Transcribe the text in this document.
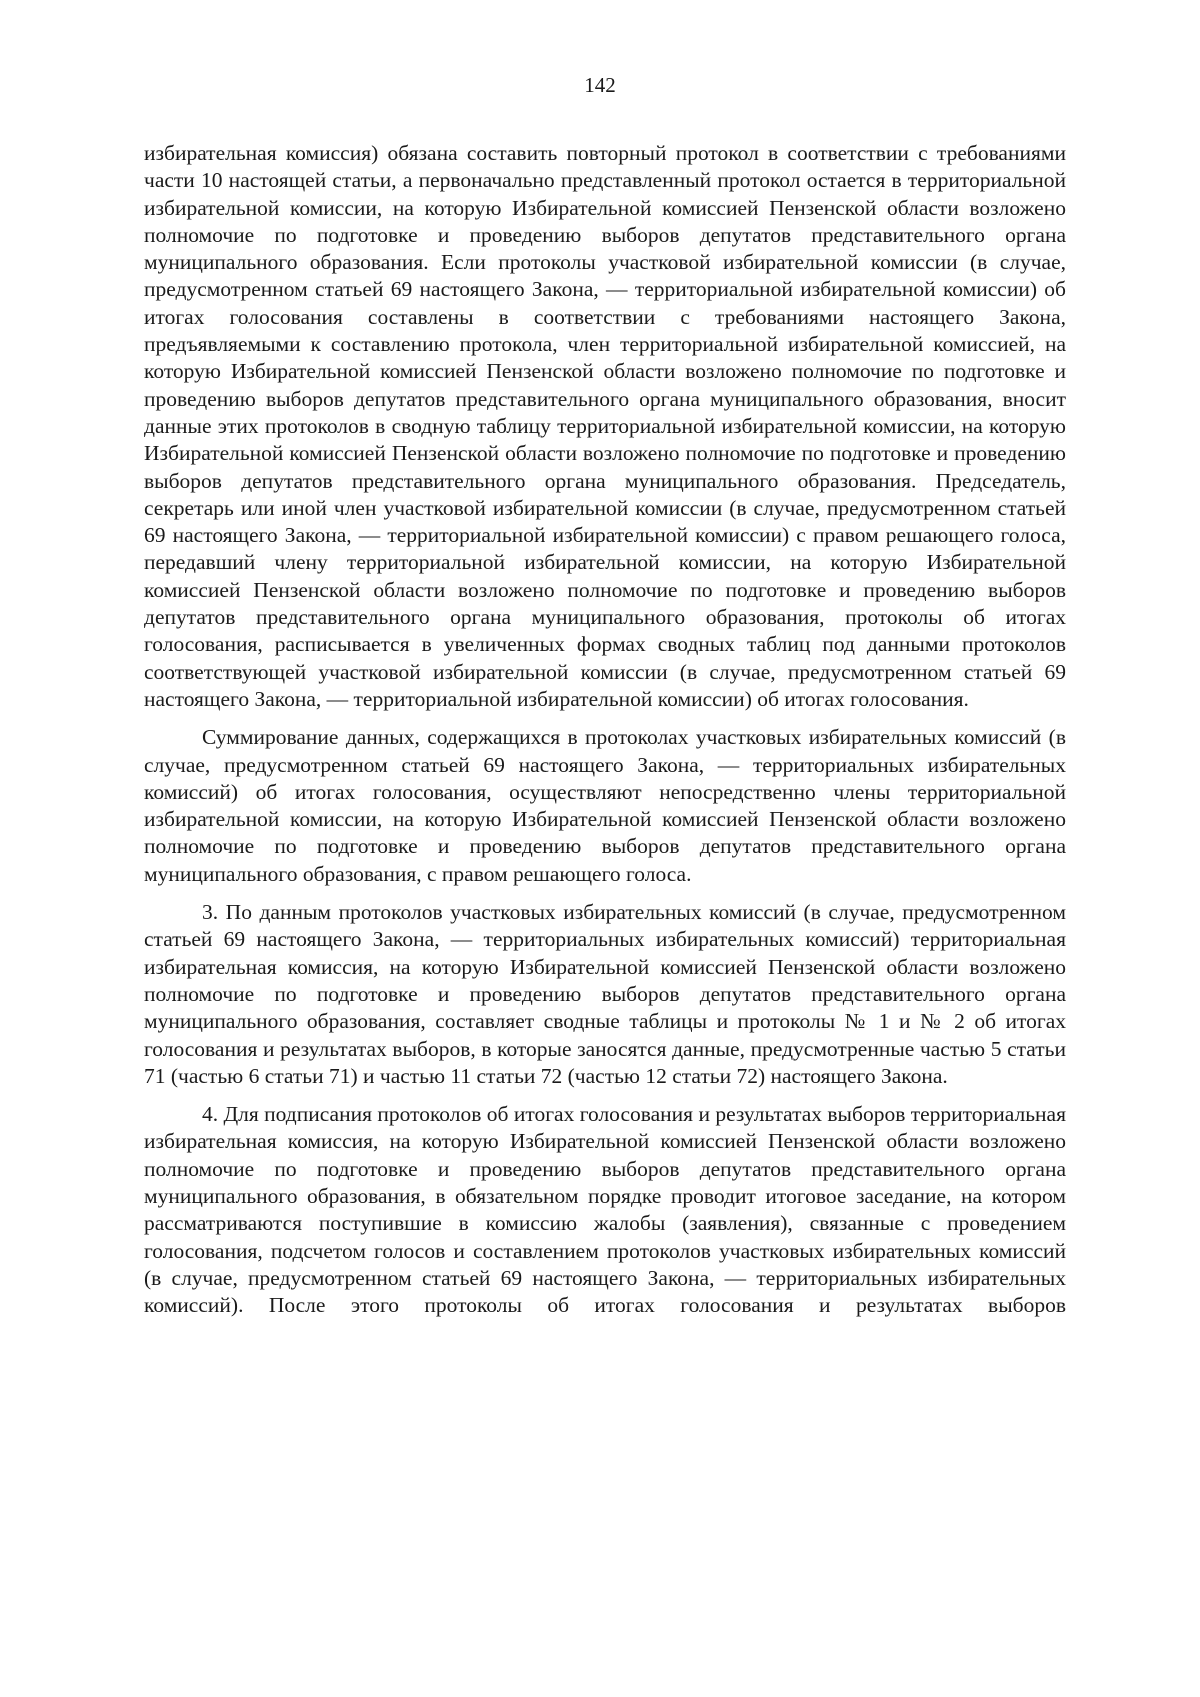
142

избирательная комиссия) обязана составить повторный протокол в соответствии с требованиями части 10 настоящей статьи, а первоначально представленный протокол остается в территориальной избирательной комиссии, на которую Избирательной комиссией Пензенской области возложено полномочие по подготовке и проведению выборов депутатов представительного органа муниципального образования. Если протоколы участковой избирательной комиссии (в случае, предусмотренном статьей 69 настоящего Закона, — территориальной избирательной комиссии) об итогах голосования составлены в соответствии с требованиями настоящего Закона, предъявляемыми к составлению протокола, член территориальной избирательной комиссией, на которую Избирательной комиссией Пензенской области возложено полномочие по подготовке и проведению выборов депутатов представительного органа муниципального образования, вносит данные этих протоколов в сводную таблицу территориальной избирательной комиссии, на которую Избирательной комиссией Пензенской области возложено полномочие по подготовке и проведению выборов депутатов представительного органа муниципального образования. Председатель, секретарь или иной член участковой избирательной комиссии (в случае, предусмотренном статьей 69 настоящего Закона, — территориальной избирательной комиссии) с правом решающего голоса, передавший члену территориальной избирательной комиссии, на которую Избирательной комиссией Пензенской области возложено полномочие по подготовке и проведению выборов депутатов представительного органа муниципального образования, протоколы об итогах голосования, расписывается в увеличенных формах сводных таблиц под данными протоколов соответствующей участковой избирательной комиссии (в случае, предусмотренном статьей 69 настоящего Закона, — территориальной избирательной комиссии) об итогах голосования.

Суммирование данных, содержащихся в протоколах участковых избирательных комиссий (в случае, предусмотренном статьей 69 настоящего Закона, — территориальных избирательных комиссий) об итогах голосования, осуществляют непосредственно члены территориальной избирательной комиссии, на которую Избирательной комиссией Пензенской области возложено полномочие по подготовке и проведению выборов депутатов представительного органа муниципального образования, с правом решающего голоса.

3. По данным протоколов участковых избирательных комиссий (в случае, предусмотренном статьей 69 настоящего Закона, — территориальных избирательных комиссий) территориальная избирательная комиссия, на которую Избирательной комиссией Пензенской области возложено полномочие по подготовке и проведению выборов депутатов представительного органа муниципального образования, составляет сводные таблицы и протоколы № 1 и № 2 об итогах голосования и результатах выборов, в которые заносятся данные, предусмотренные частью 5 статьи 71 (частью 6 статьи 71) и частью 11 статьи 72 (частью 12 статьи 72) настоящего Закона.

4. Для подписания протоколов об итогах голосования и результатах выборов территориальная избирательная комиссия, на которую Избирательной комиссией Пензенской области возложено полномочие по подготовке и проведению выборов депутатов представительного органа муниципального образования, в обязательном порядке проводит итоговое заседание, на котором рассматриваются поступившие в комиссию жалобы (заявления), связанные с проведением голосования, подсчетом голосов и составлением протоколов участковых избирательных комиссий (в случае, предусмотренном статьей 69 настоящего Закона, — территориальных избирательных комиссий). После этого протоколы об итогах голосования и результатах выборов
